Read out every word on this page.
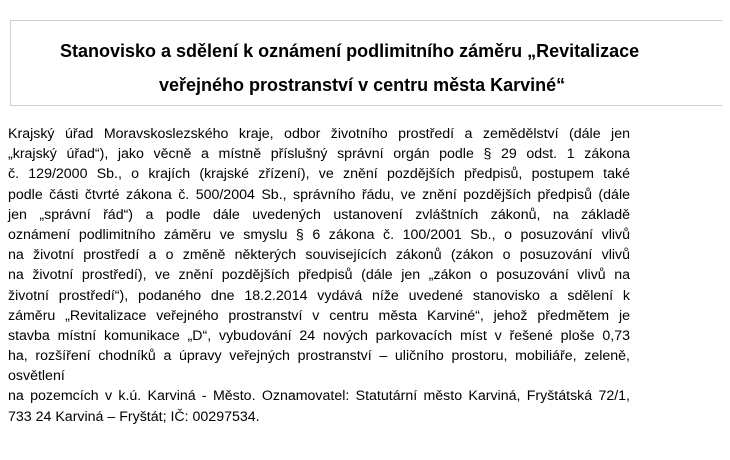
Stanovisko a sdělení k oznámení podlimitního záměru „Revitalizace
veřejného prostranství v centru města Karviné“
Krajský úřad Moravskoslezského kraje, odbor životního prostředí a zemědělství (dále jen
„krajský úřad“), jako věcně a místně příslušný správní orgán podle § 29 odst. 1 zákona
č. 129/2000 Sb., o krajích (krajské zřízení), ve znění pozdějších předpisů, postupem také
podle části čtvrté zákona č. 500/2004 Sb., správního řádu, ve znění pozdějších předpisů (dále
jen „správní řád“) a podle dále uvedených ustanovení zvláštních zákonů, na základě
oznámení podlimitního záměru ve smyslu § 6 zákona č. 100/2001 Sb., o posuzování vlivů
na životní prostředí a o změně některých souvisejících zákonů (zákon o posuzování vlivů
na životní prostředí), ve znění pozdějších předpisů (dále jen „zákon o posuzování vlivů na
životní prostředí“), podaného dne 18.2.2014 vydává níže uvedené stanovisko a sdělení k
záměru „Revitalizace veřejného prostranství v centru města Karviné“, jehož předmětem je
stavba místní komunikace „D“, vybudování 24 nových parkovacích míst v řešené ploše 0,73
ha, rozšíření chodníků a úpravy veřejných prostranství – uličního prostoru, mobiliáře, zeleně,
osvětlení
na pozemcích v k.ú. Karviná - Město. Oznamovatel: Statutární město Karviná, Fryštátská 72/1,
733 24 Karviná – Fryštát; IČ: 00297534.
